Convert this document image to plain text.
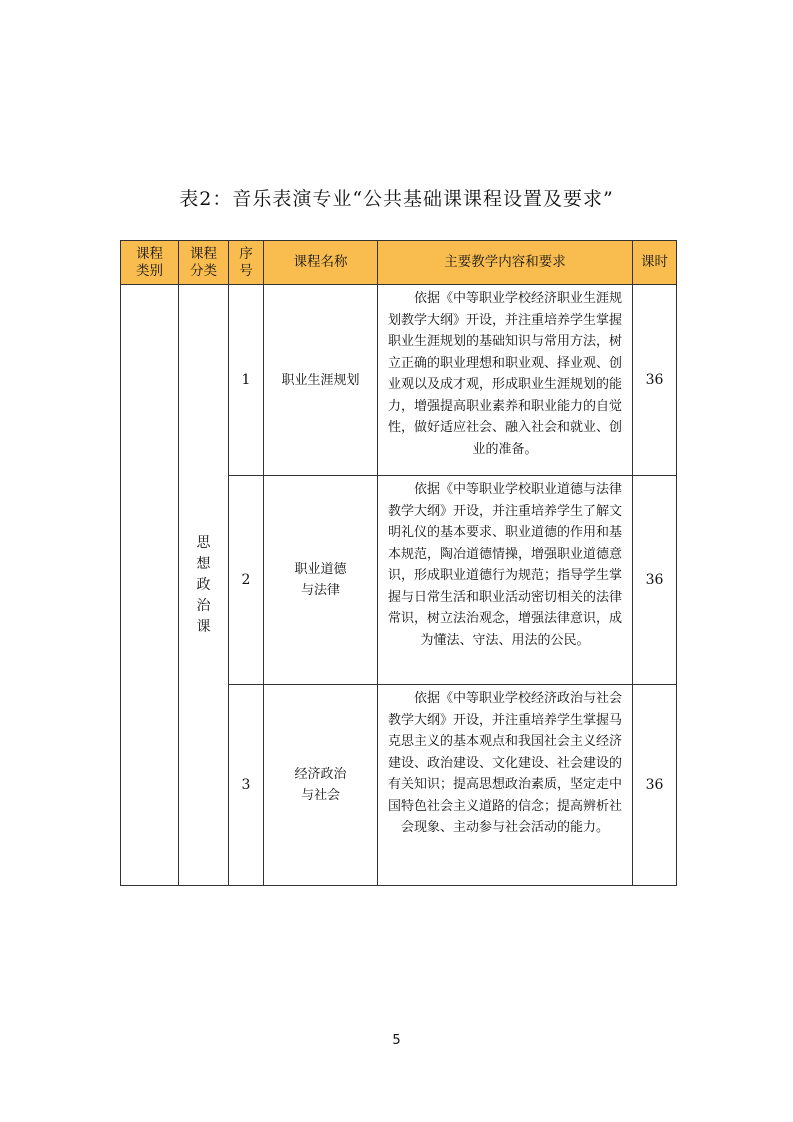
表2：音乐表演专业“公共基础课课程设置及要求”
课程类别	课程分类	序号	课程名称	主要教学内容和要求	课时
	思想政治课	1	职业生涯规划	依据《中等职业学校经济职业生涯规划教学大纲》开设，并注重培养学生掌握职业生涯规划的基础知识与常用方法，树立正确的职业理想和职业观、择业观、创业观以及成才观，形成职业生涯规划的能力，增强提高职业素养和职业能力的自觉性，做好适应社会、融入社会和就业、创业的准备。	36
		2	职业道德与法律	依据《中等职业学校职业道德与法律教学大纲》开设，并注重培养学生了解文明礼仪的基本要求、职业道德的作用和基本规范，陶冶道德情操，增强职业道德意识，形成职业道德行为规范；指导学生掌握与日常生活和职业活动密切相关的法律常识，树立法治观念，增强法律意识，成为懂法、守法、用法的公民。	36
		3	经济政治与社会	依据《中等职业学校经济政治与社会教学大纲》开设，并注重培养学生掌握马克思主义的基本观点和我国社会主义经济建设、政治建设、文化建设、社会建设的有关知识；提高思想政治素质，坚定走中国特色社会主义道路的信念；提高辨析社会现象、主动参与社会活动的能力。	36
5
